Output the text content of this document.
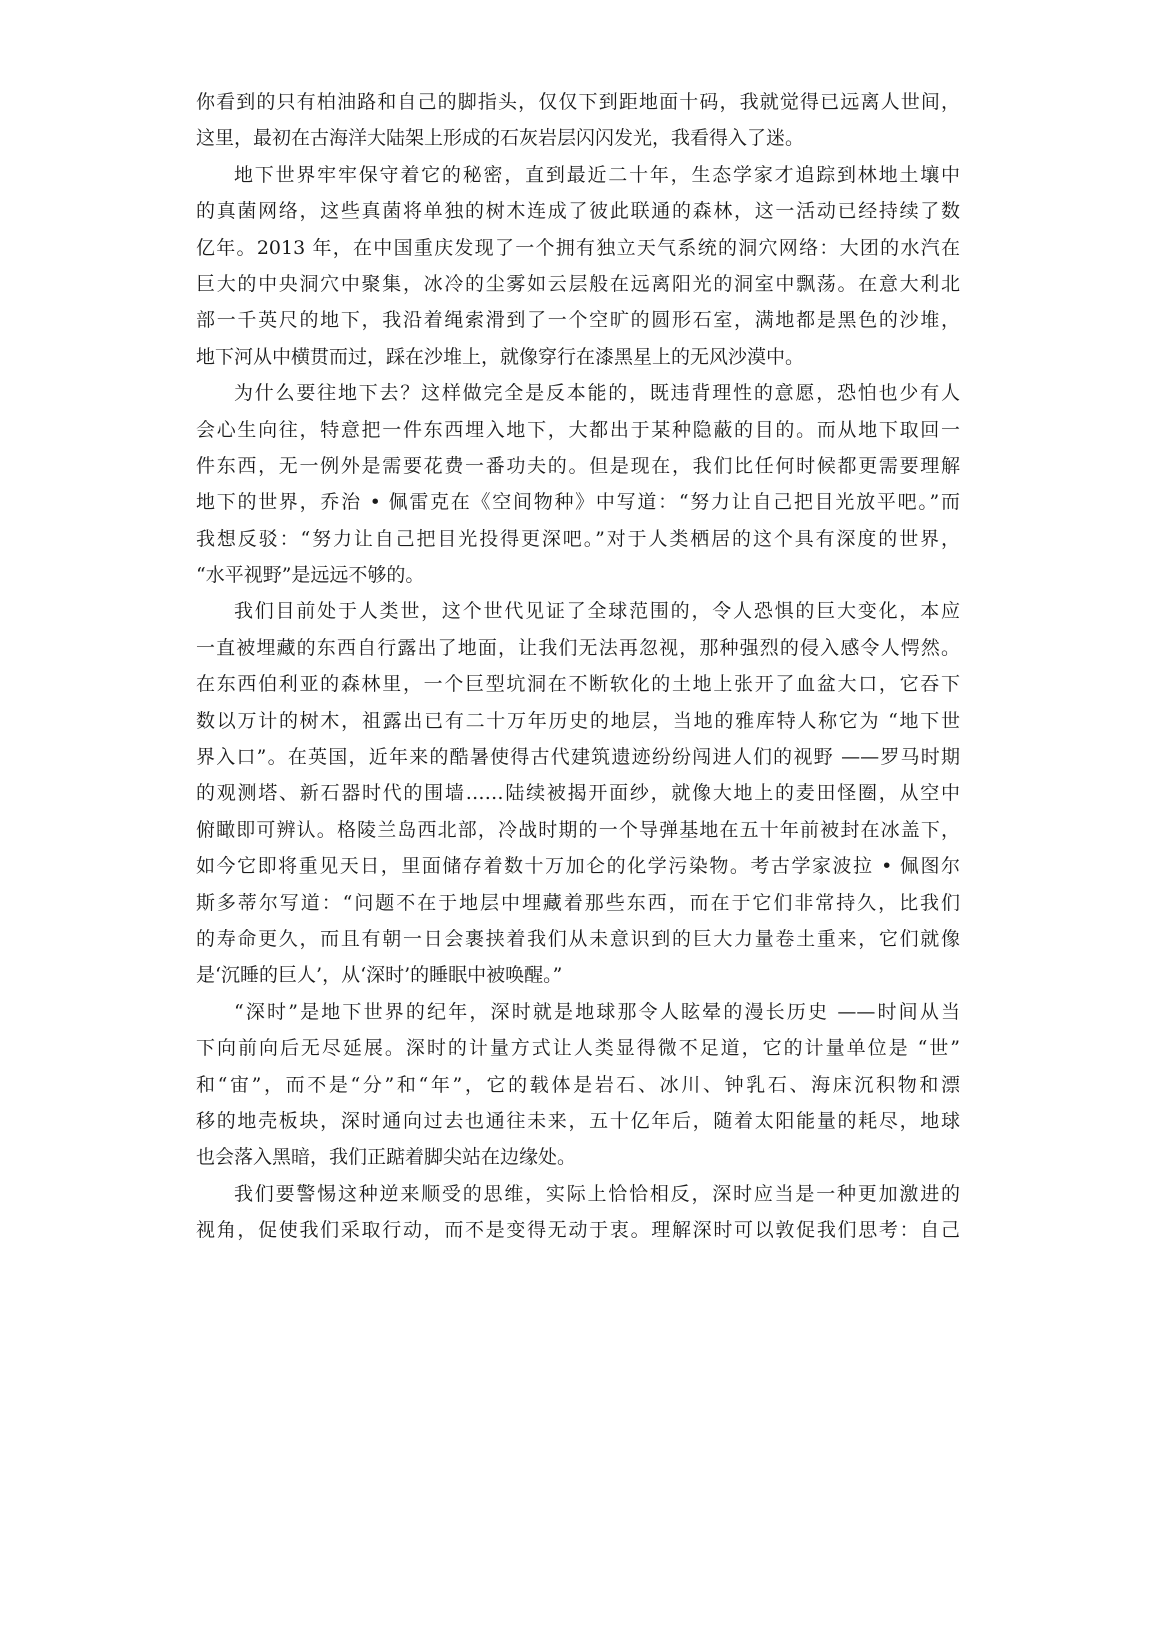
你看到的只有柏油路和自己的脚指头，仅仅下到距地面十码，我就觉得已远离人世间，
这里，最初在古海洋大陆架上形成的石灰岩层闪闪发光，我看得入了迷。
地下世界牢牢保守着它的秘密，直到最近二十年，生态学家才追踪到林地土壤中
的真菌网络，这些真菌将单独的树木连成了彼此联通的森林，这一活动已经持续了数
亿年。2013 年，在中国重庆发现了一个拥有独立天气系统的洞穴网络：大团的水汽在
巨大的中央洞穴中聚集，冰冷的尘雾如云层般在远离阳光的洞室中飘荡。在意大利北
部一千英尺的地下，我沿着绳索滑到了一个空旷的圆形石室，满地都是黑色的沙堆，
地下河从中横贯而过，踩在沙堆上，就像穿行在漆黑星上的无风沙漠中。
为什么要往地下去？这样做完全是反本能的，既违背理性的意愿，恐怕也少有人
会心生向往，特意把一件东西埋入地下，大都出于某种隐蔽的目的。而从地下取回一
件东西，无一例外是需要花费一番功夫的。但是现在，我们比任何时候都更需要理解
地下的世界，乔治 • 佩雷克在《空间物种》中写道：“努力让自己把目光放平吧。”而
我想反驳：“努力让自己把目光投得更深吧。”对于人类栖居的这个具有深度的世界，
“水平视野”是远远不够的。
我们目前处于人类世，这个世代见证了全球范围的，令人恐惧的巨大变化，本应
一直被埋藏的东西自行露出了地面，让我们无法再忽视，那种强烈的侵入感令人愕然。
在东西伯利亚的森林里，一个巨型坑洞在不断软化的土地上张开了血盆大口，它吞下
数以万计的树木，祖露出已有二十万年历史的地层，当地的雅库特人称它为 “地下世
界入口”。在英国，近年来的酷暑使得古代建筑遗迹纷纷闯进人们的视野 ——罗马时期
的观测塔、新石器时代的围墙……陆续被揭开面纱，就像大地上的麦田怪圈，从空中
俯瞰即可辨认。格陵兰岛西北部，冷战时期的一个导弹基地在五十年前被封在冰盖下，
如今它即将重见天日，里面储存着数十万加仑的化学污染物。考古学家波拉 • 佩图尔
斯多蒂尔写道：“问题不在于地层中埋藏着那些东西，而在于它们非常持久，比我们
的寿命更久，而且有朝一日会裹挟着我们从未意识到的巨大力量卷土重来，它们就像
是‘沉睡的巨人’，从‘深时’的睡眠中被唤醒。”
“深时”是地下世界的纪年，深时就是地球那令人眩晕的漫长历史 ——时间从当
下向前向后无尽延展。深时的计量方式让人类显得微不足道，它的计量单位是 “世”
和“宙”，而不是“分”和“年”，它的载体是岩石、冰川、钟乳石、海床沉积物和漂
移的地壳板块，深时通向过去也通往未来，五十亿年后，随着太阳能量的耗尽，地球
也会落入黑暗，我们正踮着脚尖站在边缘处。
我们要警惕这种逆来顺受的思维，实际上恰恰相反，深时应当是一种更加激进的
视角，促使我们采取行动，而不是变得无动于衷。理解深时可以敦促我们思考：自己
